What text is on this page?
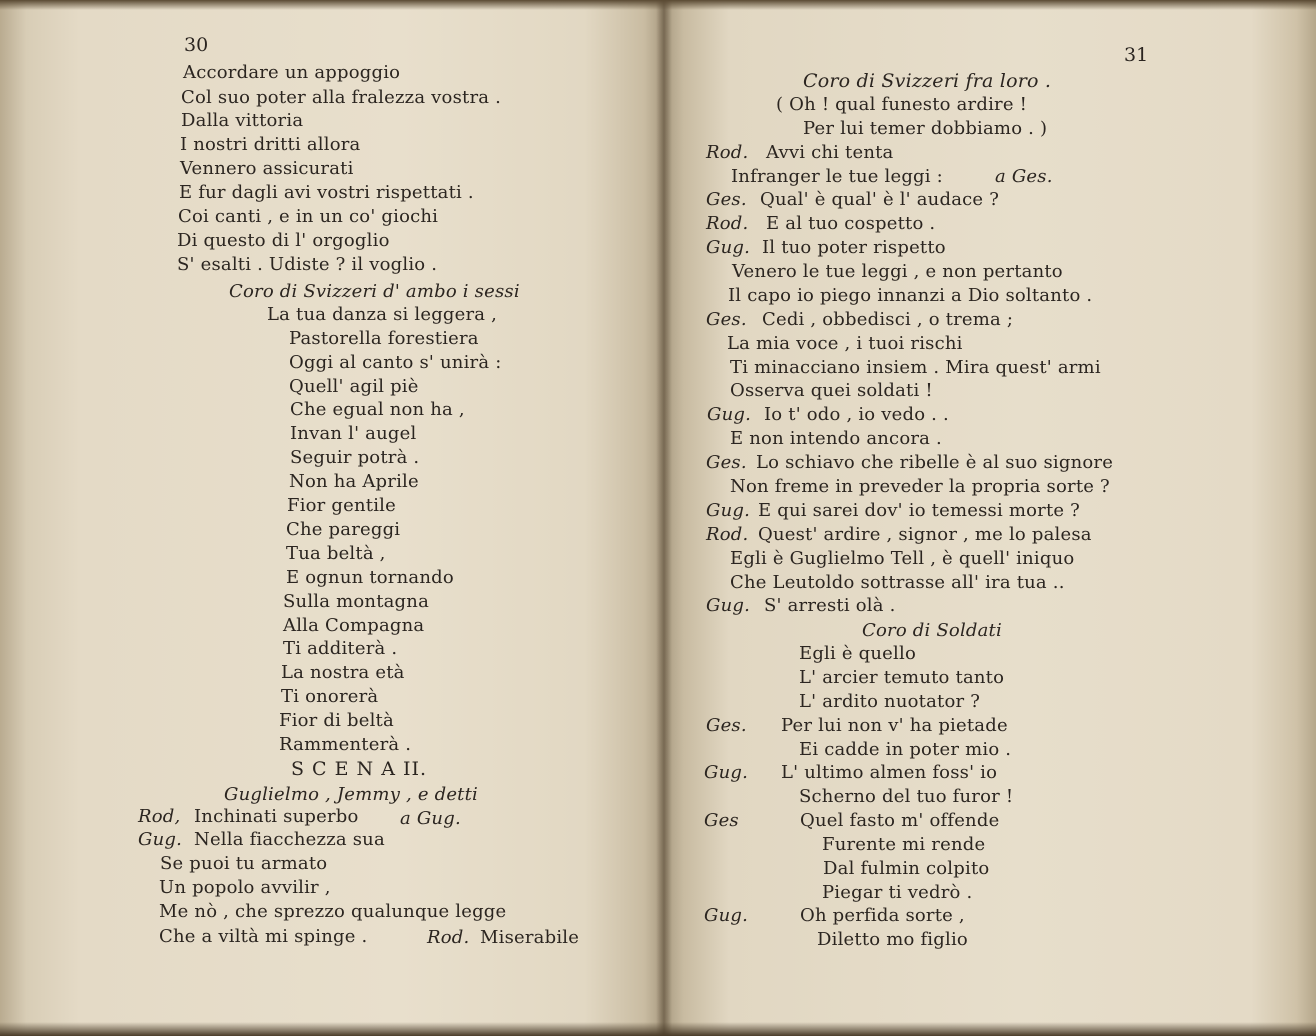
30
Accordare un appoggio
Col suo poter alla fralezza vostra .
Dalla vittoria
I nostri dritti allora
Vennero assicurati
E fur dagli avi vostri rispettati .
Coi canti , e in un co' giochi
Di questo di l' orgoglio
S' esalti . Udiste ? il voglio .
Coro di Svizzeri d' ambo i sessi
La tua danza si leggera ,
Pastorella forestiera
Oggi al canto s' unirà :
Quell' agil piè
Che egual non ha ,
Invan l' augel
Seguir potrà .
Non ha Aprile
Fior gentile
Che pareggi
Tua beltà ,
E ognun tornando
Sulla montagna
Alla Compagna
Ti additerà .
La nostra età
Ti onorerà
Fior di beltà
Rammenterà .
S C E N A II.
Guglielmo , Jemmy , e detti
Rod, Inchinati superbo a Gug.
Gug. Nella fiacchezza sua
Se puoi tu armato
Un popolo avvilir ,
Me nò , che sprezzo qualunque legge
Che a viltà mi spinge .	Rod. Miserabile
31
Coro di Svizzeri fra loro .
( Oh ! qual funesto ardire !
Per lui temer dobbiamo . )
Rod. Avvi chi tenta
Infranger le tue leggi :	a Ges.
Ges. Qual' è qual' è l' audace ?
Rod. E al tuo cospetto .
Gug. Il tuo poter rispetto
Venero le tue leggi , e non pertanto
Il capo io piego innanzi a Dio soltanto .
Ges. Cedi , obbedisci , o trema ;
La mia voce , i tuoi rischi
Ti minacciano insiem . Mira quest' armi
Osserva quei soldati !
Gug. Io t' odo , io vedo . .
E non intendo ancora .
Ges. Lo schiavo che ribelle è al suo signore
Non freme in preveder la propria sorte ?
Gug. E qui sarei dov' io temessi morte ?
Rod. Quest' ardire , signor , me lo palesa
Egli è Guglielmo Tell , è quell' iniquo
Che Leutoldo sottrasse all' ira tua ..
Gug. S' arresti olà .
Coro di Soldati
Egli è quello
L' arcier temuto tanto
L' ardito nuotator ?
Ges. Per lui non v' ha pietade
Ei cadde in poter mio .
Gug. L' ultimo almen foss' io
Scherno del tuo furor !
Ges	Quel fasto m' offende
Furente mi rende
Dal fulmin colpito
Piegar ti vedrò .
Gug.	Oh perfida sorte ,
Diletto mo figlio
